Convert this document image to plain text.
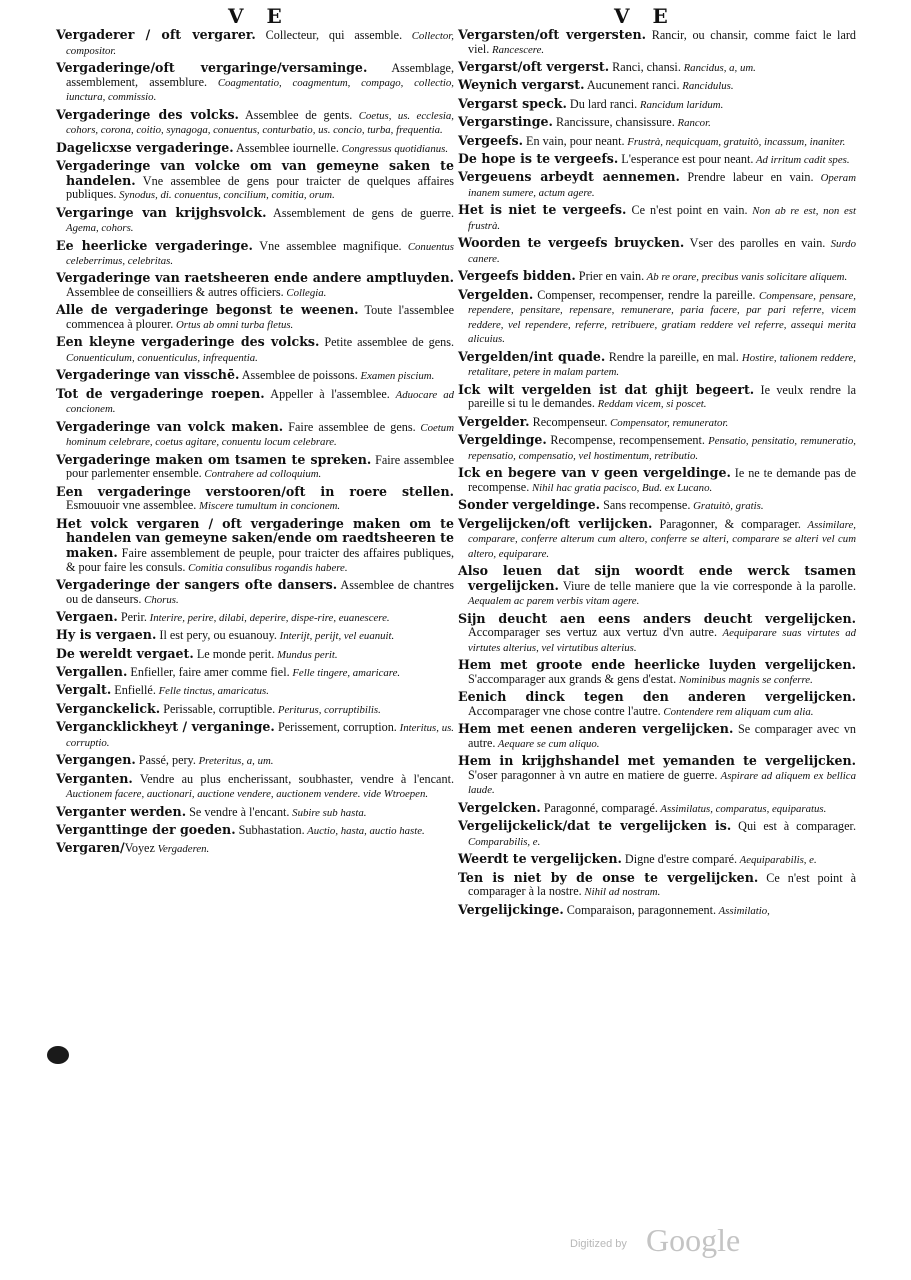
V E	V E

Vergaderer / oft vergarer. Collecteur, qui assemble. Collector, compositor.

Vergaderinge/oft vergaringe/versaminge. Assemblage, assemblement, assemblure. Coagmentatio, coagmentum, compago, collectio, iunctura, commissio.

Vergaderinge des volcks. Assemblee de gents. Coetus, us. ecclesia, cohors, corona, coitio, synagoga, conuentus, conturbatio, us. concio, turba, frequentia.

Dagelicxse vergaderinge. Assemblee iournelle. Congressus quotidianus.

Vergaderinge van volcke om van gemeyne saken te handelen. Vne assemblee de gens pour traicter de quelques affaires publiques. Synodus, di. conuentus, concilium, comitia, orum.

Vergaringe van krijghsvolck. Assemblement de gens de guerre. Agema, cohors.

Ee heerlicke vergaderinge. Vne assemblee magnifique. Conuentus celeberrimus, celebritas.

Vergaderinge van raetsheeren ende andere amptluyden. Assemblee de conseilliers & autres officiers. Collegia.

Alle de vergaderinge begonst te weenen. Toute l'assemblee commencea à plourer. Ortus ab omni turba fletus.

Een kleyne vergaderinge des volcks. Petite assemblee de gens. Conuenticulum, conuenticulus, infrequentia.

Vergaderinge van visschē. Assemblee de poissons. Examen piscium.

Tot de vergaderinge roepen. Appeller à l'assemblee. Aduocare ad concionem.

Vergaderinge van volck maken. Faire assemblee de gens. Coetum hominum celebrare, coetus agitare, conuentu locum celebrare.

Vergaderinge maken om tsamen te spreken. Faire assemblee pour parlementer ensemble. Contrahere ad colloquium.

Een vergaderinge verstooren/oft in roere stellen. Esmouuoir vne assemblee. Miscere tumultum in concionem.

Het volck vergaren / oft vergaderinge maken om te handelen van gemeyne saken/ende om raedtsheeren te maken. Faire assemblement de peuple, pour traicter des affaires publiques, & pour faire les consuls. Comitia consulibus rogandis habere.

Vergaderinge der sangers ofte dansers. Assemblee de chantres ou de danseurs. Chorus.

Vergaen. Perir. Interire, perire, dilabi, deperire, dispe-rire, euanescere.

Hy is vergaen. Il est pery, ou esuanouy. Interijt, perijt, vel euanuit.

De wereldt vergaet. Le monde perit. Mundus perit.

Vergallen. Enfieller, faire amer comme fiel. Felle tingere, amaricare.

Vergalt. Enfiellé. Felle tinctus, amaricatus.

Verganckelick. Perissable, corruptible. Periturus, corruptibilis.

Vergancklickheyt / verganinge. Perissement, corruption. Interitus, us. corruptio.

Vergangen. Passé, pery. Preteritus, a, um.

Verganten. Vendre au plus encherissant, soubhaster, vendre à l'encant. Auctionem facere, auctionari, auctione vendere, auctionem vendere. vide Wtroepen.

Verganter werden. Se vendre à l'encant. Subire sub hasta.

Verganttinge der goeden. Subhastation. Auctio, hasta, auctio haste.

Vergaren/Voyez Vergaderen.

Vergarsten/oft vergersten. Rancir, ou chansir, comme faict le lard viel. Rancescere.

Vergarst/oft vergerst. Ranci, chansi. Rancidus, a, um.

Weynich vergarst. Aucunement ranci. Rancidulus.

Vergarst speck. Du lard ranci. Rancidum laridum.

Vergarstinge. Rancissure, chansissure. Rancor.

Vergeefs. En vain, pour neant. Frustrà, nequicquam, gratuitò, incassum, inaniter.

De hope is te vergeefs. L'esperance est pour neant. Ad irritum cadit spes.

Vergeuens arbeydt aennemen. Prendre labeur en vain. Operam inanem sumere, actum agere.

Het is niet te vergeefs. Ce n'est point en vain. Non ab re est, non est frustrà.

Woorden te vergeefs bruycken. Vser des parolles en vain. Surdo canere.

Vergeefs bidden. Prier en vain. Ab re orare, precibus vanis solicitare aliquem.

Vergelden. Compenser, recompenser, rendre la pareille. Compensare, pensare, rependere, pensitare, repensare, remunerare, paria facere, par pari referre, vicem reddere, vel rependere, referre, retribuere, gratiam reddere vel referre, assequi merita alicuius.

Vergelden/int quade. Rendre la pareille, en mal. Hostire, talionem reddere, retalitare, petere in malam partem.

Ick wilt vergelden ist dat ghijt begeert. Ie veulx rendre la pareille si tu le demandes. Reddam vicem, si poscet.

Vergelder. Recompenseur. Compensator, remunerator.

Vergeldinge. Recompense, recompensement. Pensatio, pensitatio, remuneratio, repensatio, compensatio, vel hostimentum, retributio.

Ick en begere van v geen vergeldinge. Ie ne te demande pas de recompense. Nihil hac gratia pacisco, Bud. ex Lucano.

Sonder vergeldinge. Sans recompense. Gratuitò, gratis.

Vergelijcken/oft verlijcken. Paragonner, & comparager. Assimilare, comparare, conferre alterum cum altero, conferre se alteri, comparare se alteri vel cum altero, equiparare.

Also leuen dat sijn woordt ende werck tsamen vergelijcken. Viure de telle maniere que la vie corresponde à la parolle. Aequalem ac parem verbis vitam agere.

Sijn deucht aen eens anders deucht vergelijcken. Accomparager ses vertuz aux vertuz d'vn autre. Aequiparare suas virtutes ad virtutes alterius, vel virtutibus alterius.

Hem met groote ende heerlicke luyden vergelijcken. S'accomparager aux grands & gens d'estat. Nominibus magnis se conferre.

Eenich dinck tegen den anderen vergelijcken. Accomparager vne chose contre l'autre. Contendere rem aliquam cum alia.

Hem met eenen anderen vergelijcken. Se comparager avec vn autre. Aequare se cum aliquo.

Hem in krijghshandel met yemanden te vergelijcken. S'oser paragonner à vn autre en matiere de guerre. Aspirare ad aliquem ex bellica laude.

Vergelcken. Paragonné, comparagé. Assimilatus, comparatus, equiparatus.

Vergelijckelick/dat te vergelijcken is. Qui est à comparager. Comparabilis, e.

Weerdt te vergelijcken. Digne d'estre comparé. Aequiparabilis, e.

Ten is niet by de onse te vergelijcken. Ce n'est point à comparager à la nostre. Nihil ad nostram.

Vergelijckinge. Comparaison, paragonnement. Assimilatio,

Digitized by Google
